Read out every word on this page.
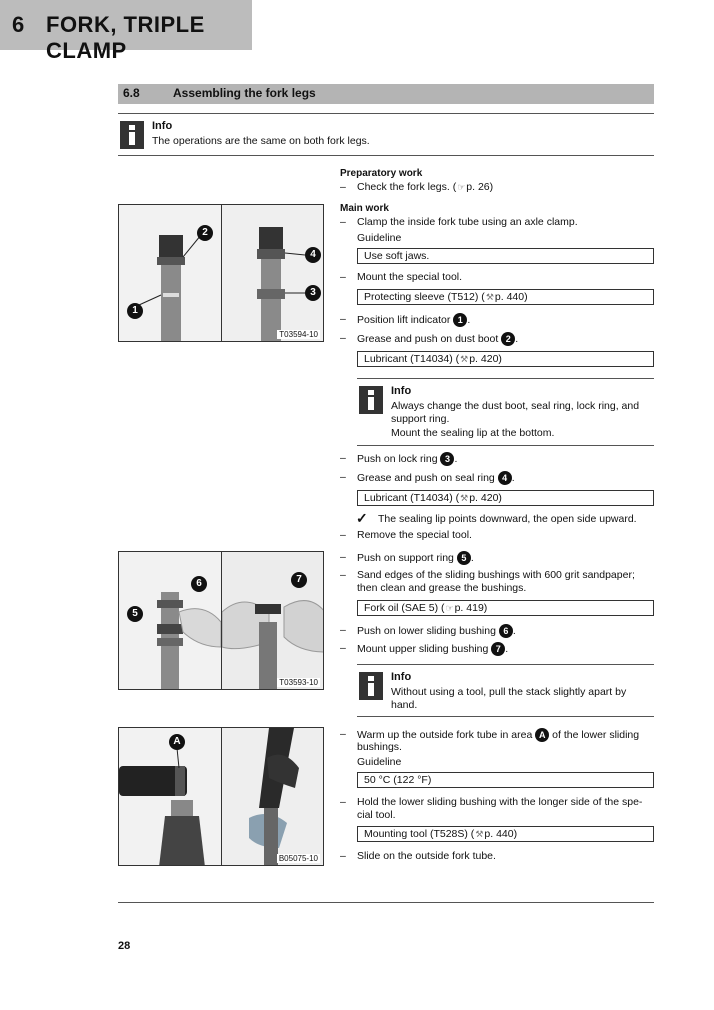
6 FORK, TRIPLE CLAMP
6.8	Assembling the fork legs
Info
The operations are the same on both fork legs.
Preparatory work
– Check the fork legs. (☞p. 26)
Main work
– Clamp the inside fork tube using an axle clamp.
Guideline
Use soft jaws.
– Mount the special tool.
Protecting sleeve (T512) (⚒p. 440)
– Position lift indicator 1 .
– Grease and push on dust boot 2 .
Lubricant (T14034) (⚒p. 420)
Info
Always change the dust boot, seal ring, lock ring, and
support ring.
Mount the sealing lip at the bottom.
– Push on lock ring 3 .
– Grease and push on seal ring 4 .
Lubricant (T14034) (⚒p. 420)
✓ The sealing lip points downward, the open side upward.
– Remove the special tool.
– Push on support ring 5 .
– Sand edges of the sliding bushings with 600 grit sandpaper;
then clean and grease the bushings.
Fork oil (SAE 5) (☞p. 419)
– Push on lower sliding bushing 6 .
– Mount upper sliding bushing 7 .
Info
Without using a tool, pull the stack slightly apart by
hand.
– Warm up the outside fork tube in area A of the lower sliding
bushings.
Guideline
50 °C (122 °F)
– Hold the lower sliding bushing with the longer side of the spe-
cial tool.
Mounting tool (T528S) (⚒p. 440)
– Slide on the outside fork tube.
1
2
4
3
T03594-10
5
6	7
T03593-10
A
B05075-10
28
